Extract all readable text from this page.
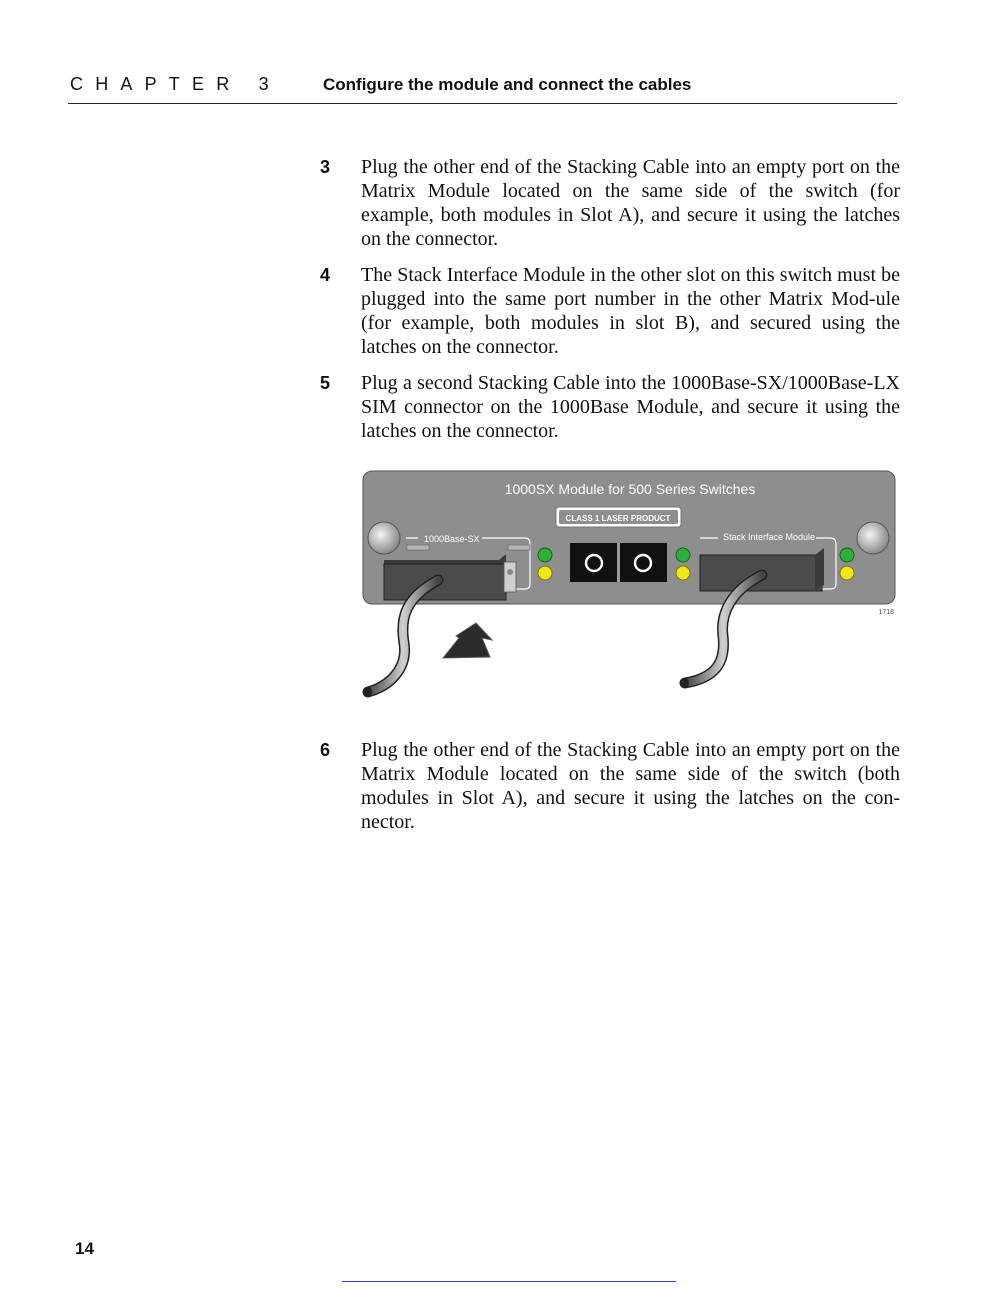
CHAPTER 3 Configure the module and connect the cables
3 Plug the other end of the Stacking Cable into an empty port on the Matrix Module located on the same side of the switch (for example, both modules in Slot A), and secure it using the latches on the connector.
4 The Stack Interface Module in the other slot on this switch must be plugged into the same port number in the other Matrix Mod-ule (for example, both modules in slot B), and secured using the latches on the connector.
5 Plug a second Stacking Cable into the 1000Base-SX/1000Base-LX SIM connector on the 1000Base Module, and secure it using the latches on the connector.
1000SX Module for 500 Series Switches
CLASS 1 LASER PRODUCT
1000Base-SX	Stack Interface Module
1718
6 Plug the other end of the Stacking Cable into an empty port on the Matrix Module located on the same side of the switch (both modules in Slot A), and secure it using the latches on the con-nector.
14
